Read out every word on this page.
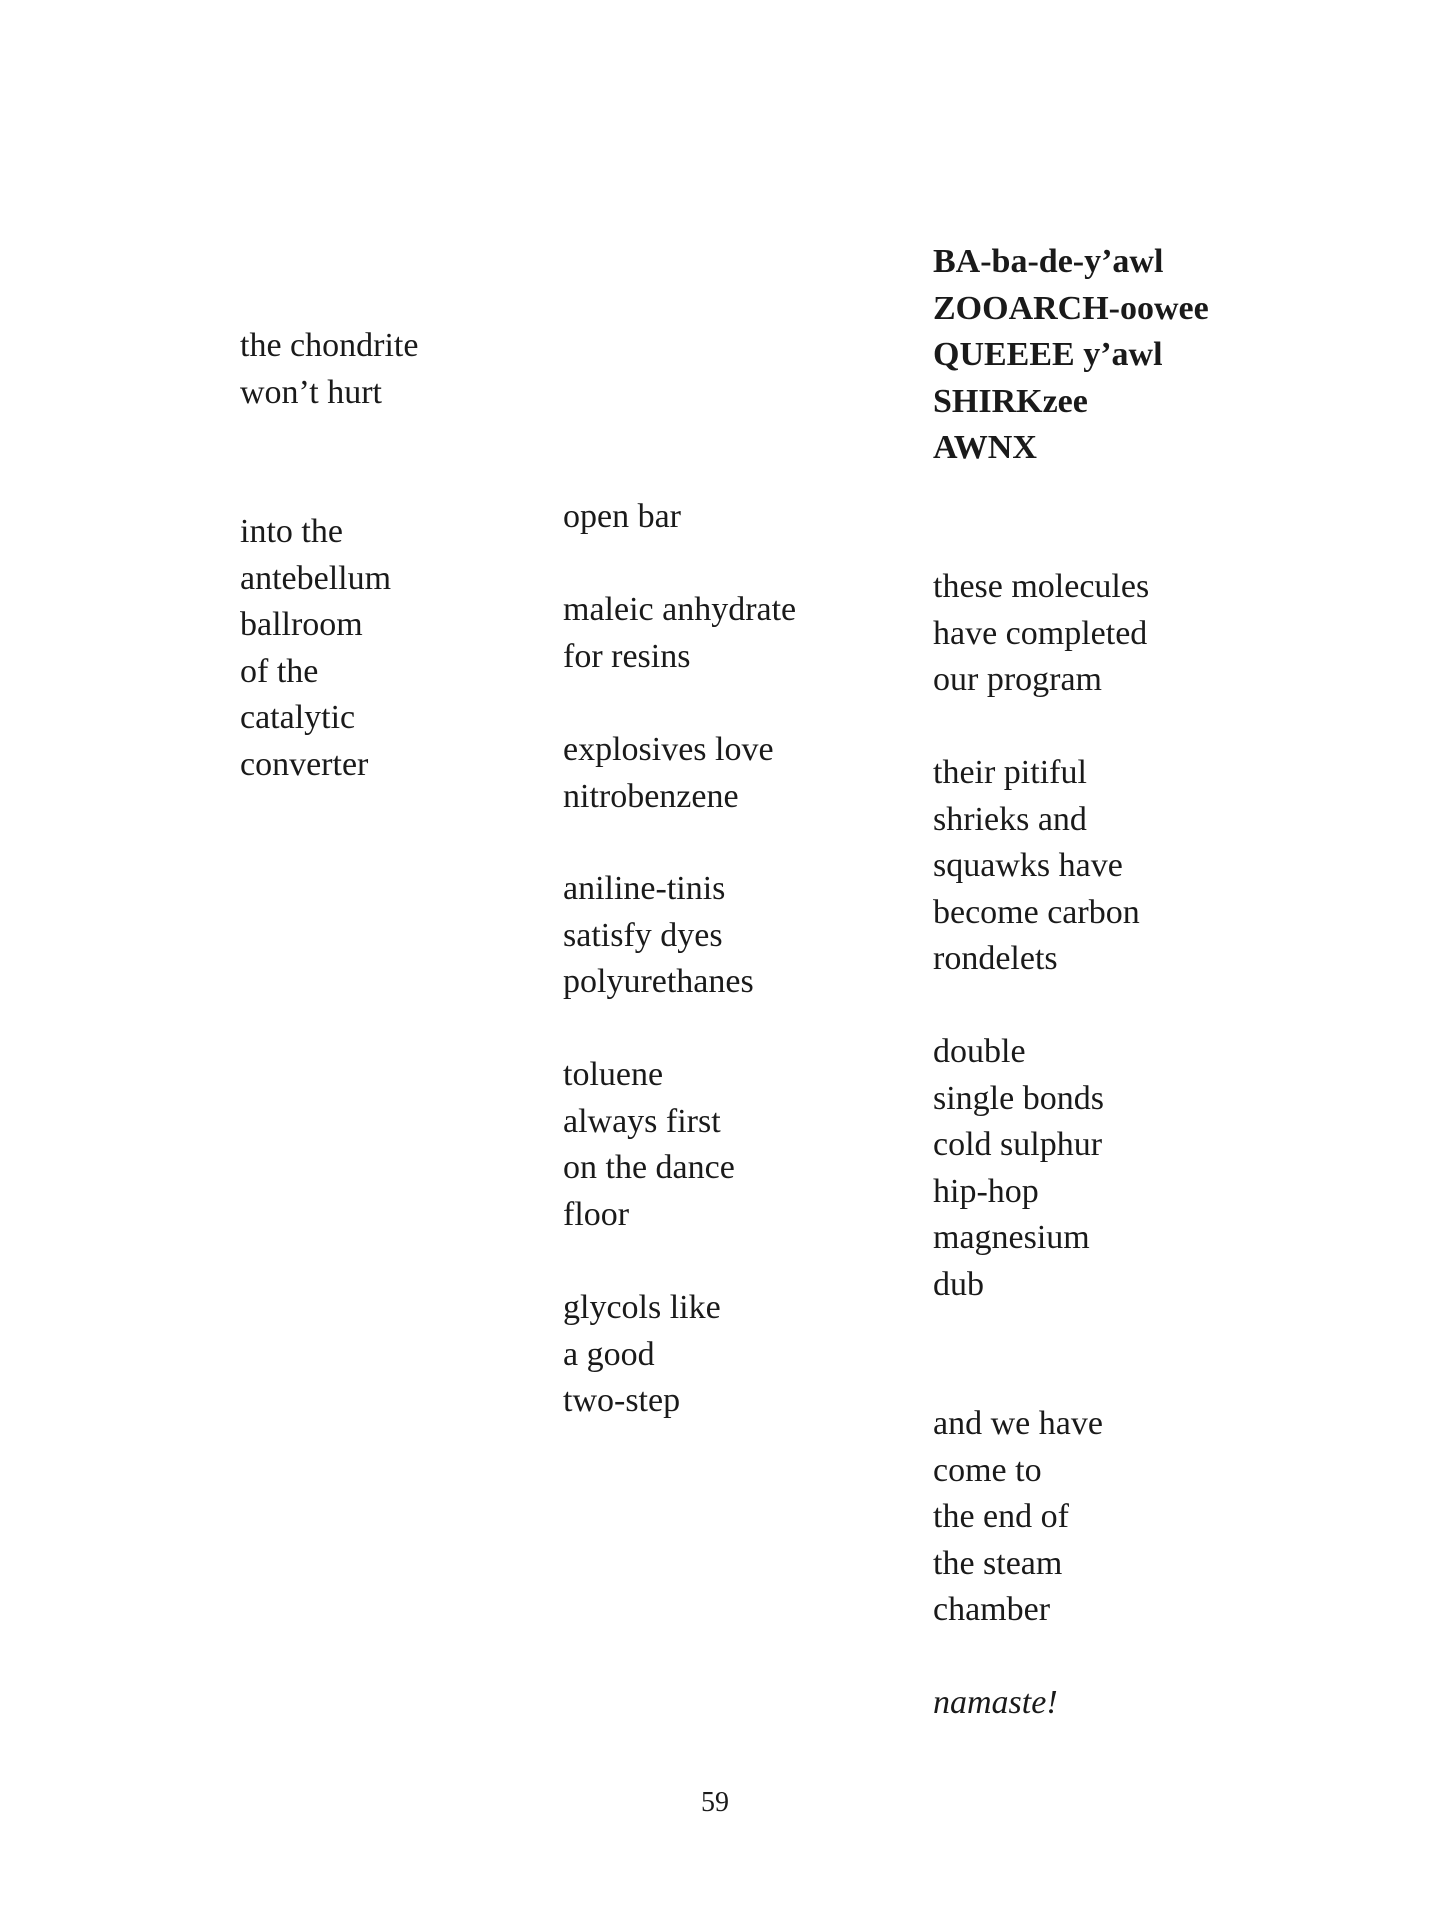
the chondrite
won’t hurt
into the
antebellum
ballroom
of the
catalytic
converter
open bar
maleic anhydrate
for resins
explosives love
nitrobenzene
aniline-tinis
satisfy dyes
polyurethanes
toluene
always first
on the dance
floor
glycols like
a good
two-step
BA-ba-de-y’awl
ZOOARCH-oowee
QUEEEE y’awl
SHIRKzee
AWNX
these molecules
have completed
our program
their pitiful
shrieks and
squawks have
become carbon
rondelets
double
single bonds
cold sulphur
hip-hop
magnesium
dub
and we have
come to
the end of
the steam
chamber
namaste!
59
